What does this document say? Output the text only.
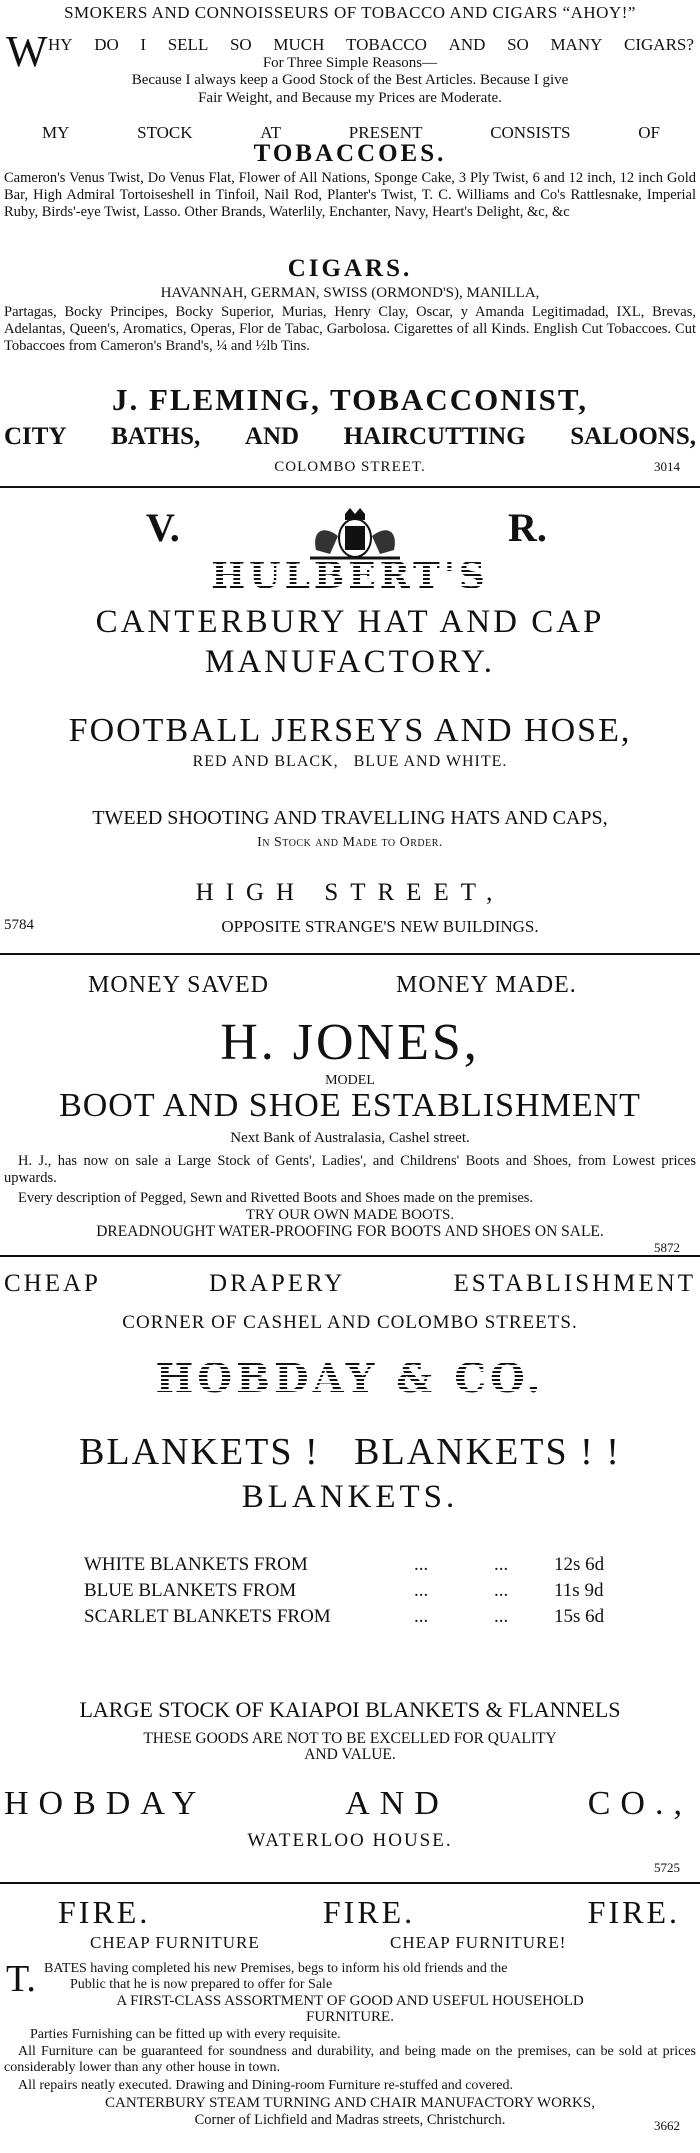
SMOKERS AND CONNOISSEURS OF TOBACCO AND CIGARS “AHOY!”
W HY DO I SELL SO MUCH TOBACCO AND SO MANY CIGARS?
For Three Simple Reasons—
Because I always keep a Good Stock of the Best Articles. Because I give
Fair Weight, and Because my Prices are Moderate.
MY	STOCK	AT	PRESENT	CONSISTS	OF
TOBACCOES.
Cameron's Venus Twist, Do Venus Flat, Flower of All Nations, Sponge Cake, 3 Ply Twist, 6 and 12 inch, 12 inch Gold Bar, High Admiral Tortoiseshell in Tinfoil, Nail Rod, Planter's Twist, T. C. Williams and Co's Rattlesnake, Imperial Ruby, Birds'-eye Twist, Lasso. Other Brands, Waterlily, Enchanter, Navy, Heart's Delight, &c, &c
CIGARS.
HAVANNAH, GERMAN, SWISS (ORMOND'S), MANILLA,
Partagas, Bocky Principes, Bocky Superior, Murias, Henry Clay, Oscar, y Amanda Legitimadad, IXL, Brevas, Adelantas, Queen's, Aromatics, Operas, Flor de Tabac, Garbolosa. Cigarettes of all Kinds. English Cut Tobaccoes. Cut Tobaccoes from Cameron's Brand's, ¼ and ½lb Tins.
J. FLEMING, TOBACCONIST,
CITY BATHS, AND HAIRCUTTING SALOONS,
COLOMBO STREET.	3014
V.	R.
HULBERT'S
CANTERBURY HAT AND CAP
MANUFACTORY.
FOOTBALL JERSEYS AND HOSE,
RED AND BLACK,   BLUE AND WHITE.
TWEED SHOOTING AND TRAVELLING HATS AND CAPS,
In Stock and Made to Order.
HIGH STREET,
5784	OPPOSITE STRANGE'S NEW BUILDINGS.
MONEY SAVED	MONEY MADE.
H. JONES,
MODEL
BOOT AND SHOE ESTABLISHMENT
Next Bank of Australasia, Cashel street.
H. J., has now on sale a Large Stock of Gents', Ladies', and Childrens' Boots and Shoes, from Lowest prices upwards.
Every description of Pegged, Sewn and Rivetted Boots and Shoes made on the premises.
TRY OUR OWN MADE BOOTS.
DREADNOUGHT WATER-PROOFING FOR BOOTS AND SHOES ON SALE.
5872
CHEAP	DRAPERY	ESTABLISHMENT
CORNER OF CASHEL AND COLOMBO STREETS.
HOBDAY & CO.
BLANKETS !   BLANKETS ! !
BLANKETS.
WHITE BLANKETS FROM	...	... 12s 6d
BLUE BLANKETS FROM	...	... 11s 9d
SCARLET BLANKETS FROM	...	... 15s 6d
LARGE STOCK OF KAIAPOI BLANKETS & FLANNELS
THESE GOODS ARE NOT TO BE EXCELLED FOR QUALITY
AND VALUE.
HOBDAY	AND	CO.,
WATERLOO HOUSE.
5725
FIRE.	FIRE.	FIRE.
CHEAP FURNITURE	CHEAP FURNITURE!
T. BATES having completed his new Premises, begs to inform his old friends and the
Public that he is now prepared to offer for Sale
A FIRST-CLASS ASSORTMENT OF GOOD AND USEFUL HOUSEHOLD
FURNITURE.
Parties Furnishing can be fitted up with every requisite.
All Furniture can be guaranteed for soundness and durability, and being made on the premises, can be sold at prices considerably lower than any other house in town.
All repairs neatly executed. Drawing and Dining-room Furniture re-stuffed and covered.
CANTERBURY STEAM TURNING AND CHAIR MANUFACTORY WORKS,
Corner of Lichfield and Madras streets, Christchurch.	3662
